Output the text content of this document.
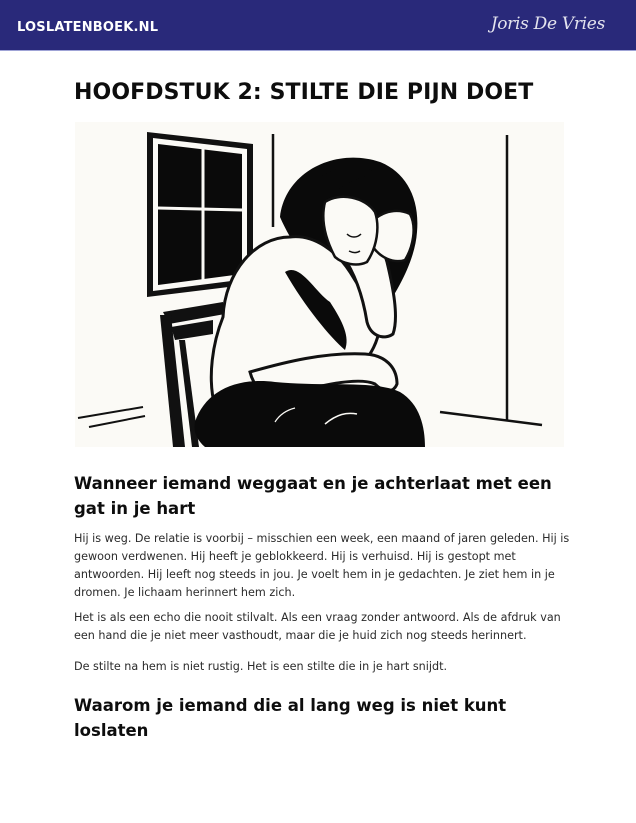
LOSLATENBOEK.NL	Joris De Vries
HOOFDSTUK 2: STILTE DIE PIJN DOET
Wanneer iemand weggaat en je achterlaat met een gat in je hart

Hij is weg. De relatie is voorbij – misschien een week, een maand of jaren geleden. Hij is gewoon verdwenen. Hij heeft je geblokkeerd. Hij is verhuisd. Hij is gestopt met antwoorden. Hij leeft nog steeds in jou. Je voelt hem in je gedachten. Je ziet hem in je dromen. Je lichaam herinnert hem zich.

Het is als een echo die nooit stilvalt. Als een vraag zonder antwoord. Als de afdruk van een hand die je niet meer vasthoudt, maar die je huid zich nog steeds herinnert.

De stilte na hem is niet rustig. Het is een stilte die in je hart snijdt.

Waarom je iemand die al lang weg is niet kunt loslaten
